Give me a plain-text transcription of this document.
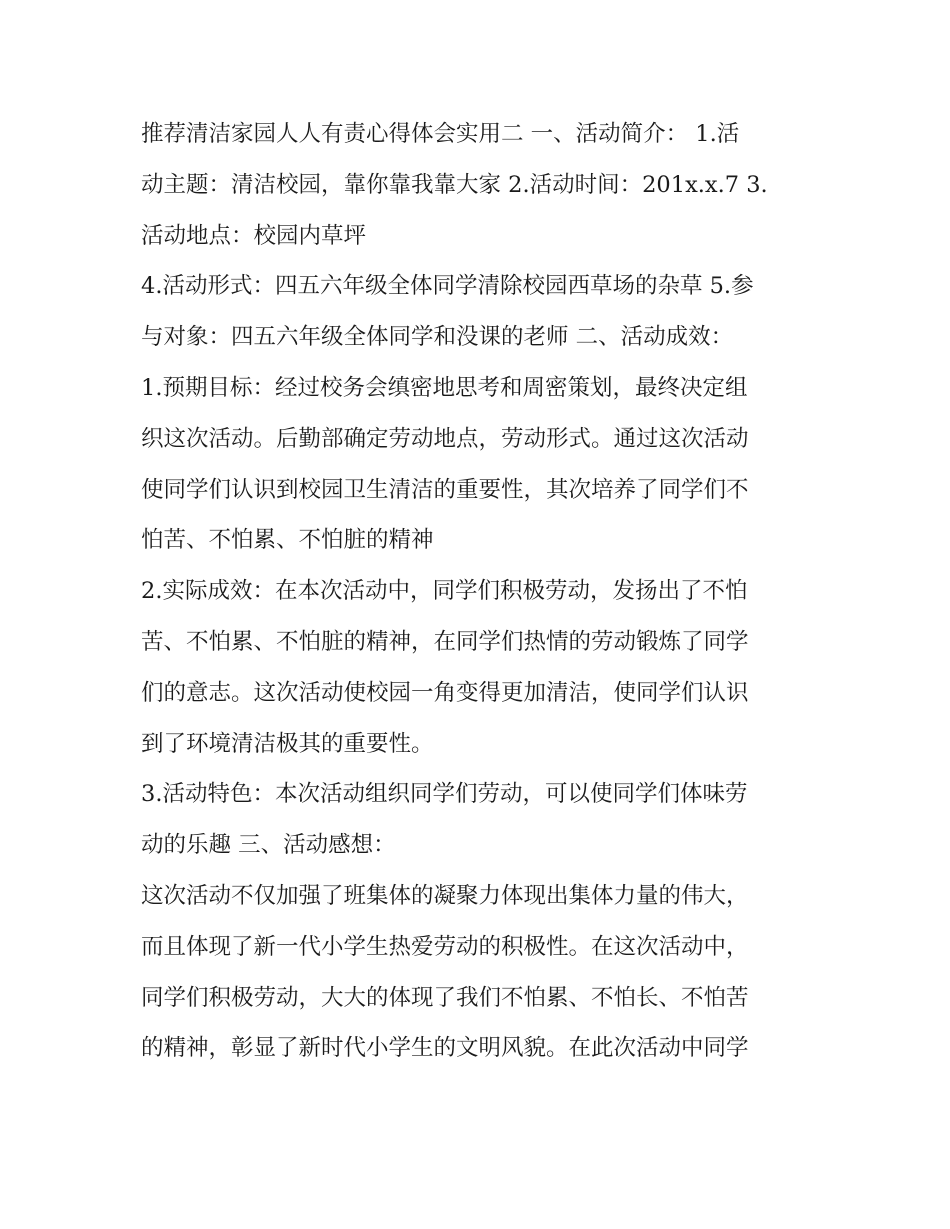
推荐清洁家园人人有责心得体会实用二 一、活动简介： 1.活
动主题：清洁校园，靠你靠我靠大家 2.活动时间：201x.x.7 3.
活动地点：校园内草坪
4.活动形式：四五六年级全体同学清除校园西草场的杂草 5.参
与对象：四五六年级全体同学和没课的老师 二、活动成效：
1.预期目标：经过校务会缜密地思考和周密策划，最终决定组
织这次活动。后勤部确定劳动地点，劳动形式。通过这次活动
使同学们认识到校园卫生清洁的重要性，其次培养了同学们不
怕苦、不怕累、不怕脏的精神
2.实际成效：在本次活动中，同学们积极劳动，发扬出了不怕
苦、不怕累、不怕脏的精神，在同学们热情的劳动锻炼了同学
们的意志。这次活动使校园一角变得更加清洁，使同学们认识
到了环境清洁极其的重要性。
3.活动特色：本次活动组织同学们劳动，可以使同学们体味劳
动的乐趣 三、活动感想：
这次活动不仅加强了班集体的凝聚力体现出集体力量的伟大，
而且体现了新一代小学生热爱劳动的积极性。在这次活动中，
同学们积极劳动，大大的体现了我们不怕累、不怕长、不怕苦
的精神，彰显了新时代小学生的文明风貌。在此次活动中同学
